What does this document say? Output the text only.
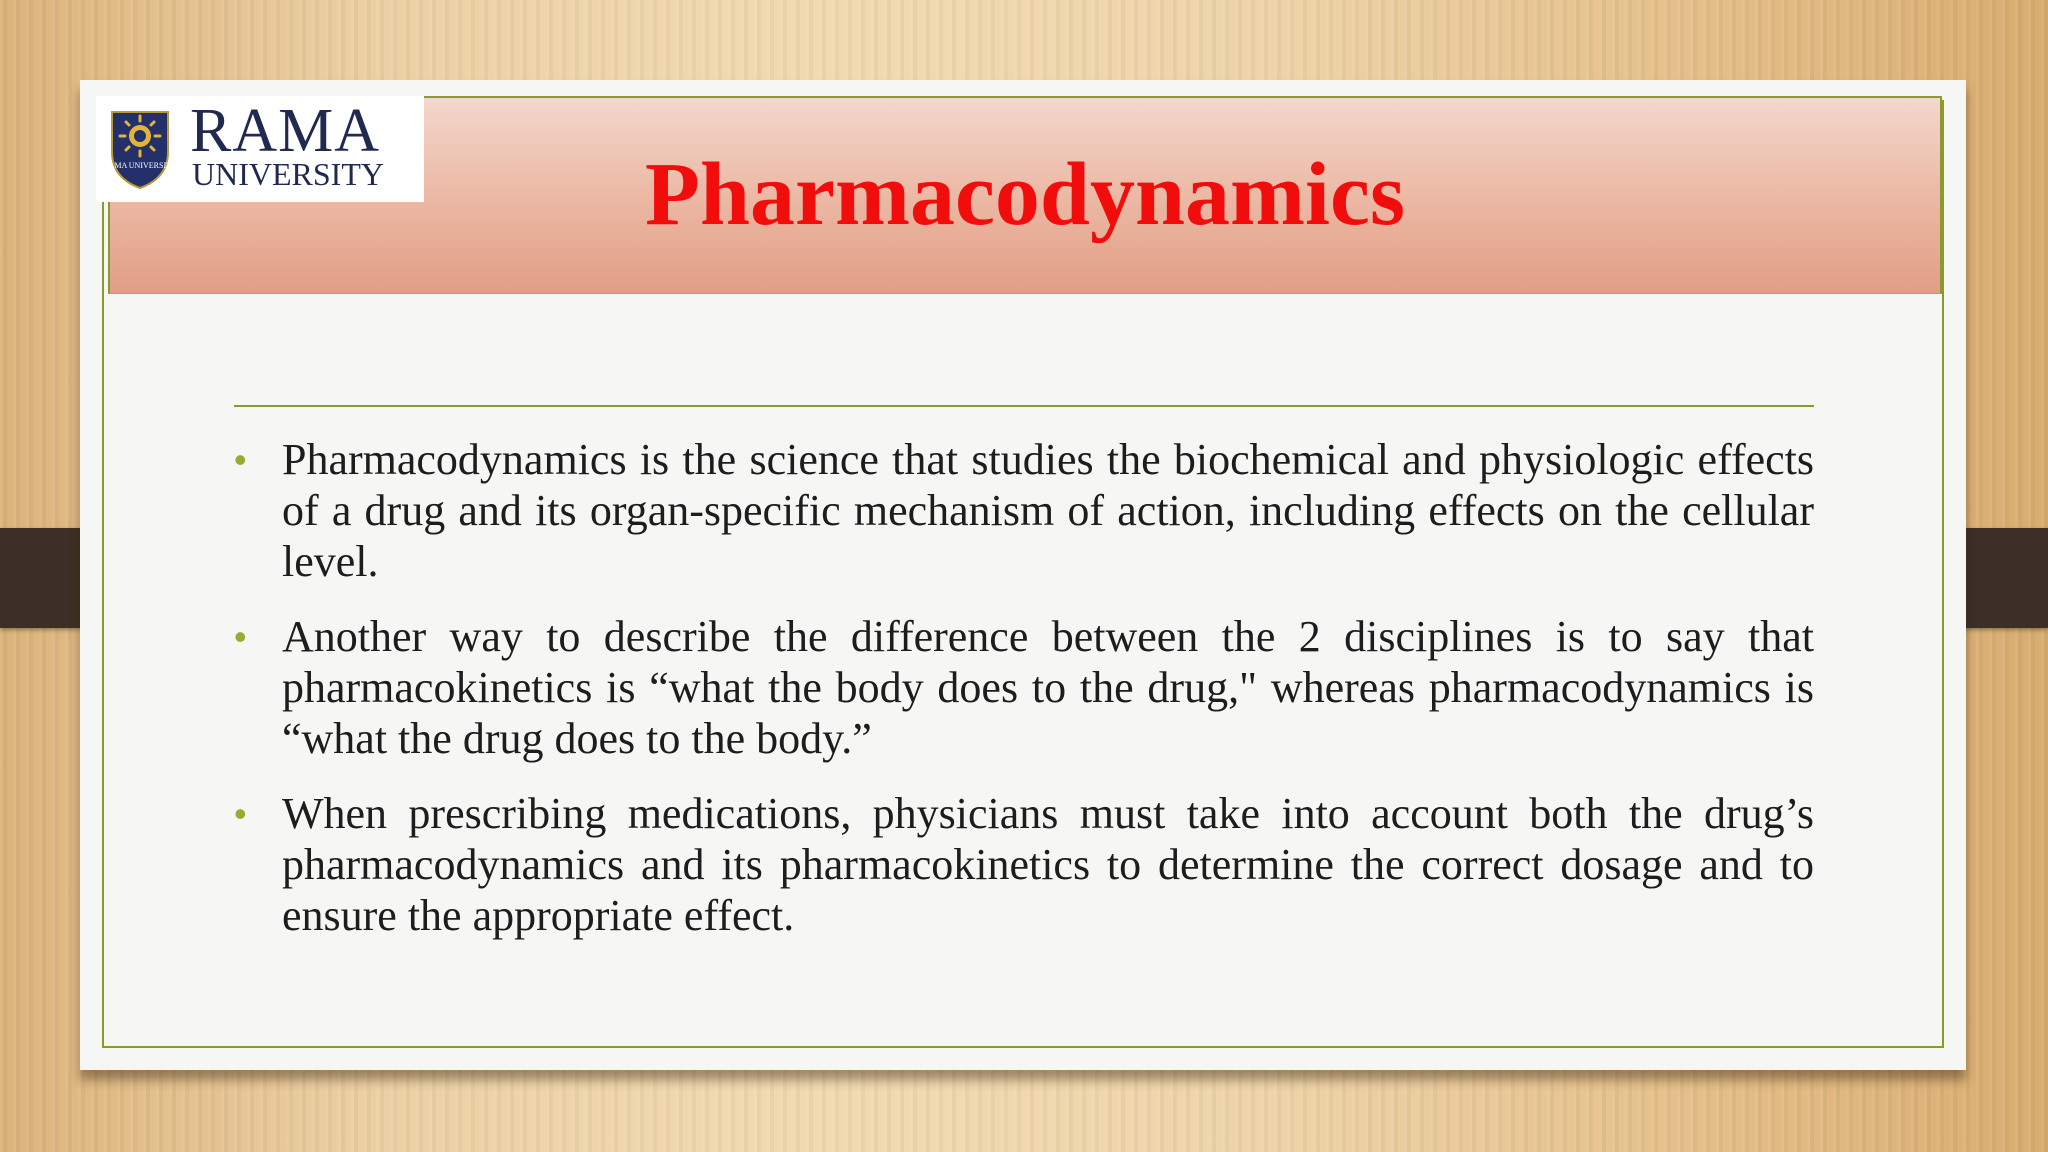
RAMA UNIVERSITY
RAMA
UNIVERSITY	Pharmacodynamics
• Pharmacodynamics is the science that studies the biochemical and physiologic effects of a drug and its organ-specific mechanism of action, including effects on the cellular level.
• Another way to describe the difference between the 2 disciplines is to say that pharmacokinetics is “what the body does to the drug," whereas pharmacodynamics is “what the drug does to the body.”
• When prescribing medications, physicians must take into account both the drug’s pharmacodynamics and its pharmacokinetics to determine the correct dosage and to ensure the appropriate effect.
